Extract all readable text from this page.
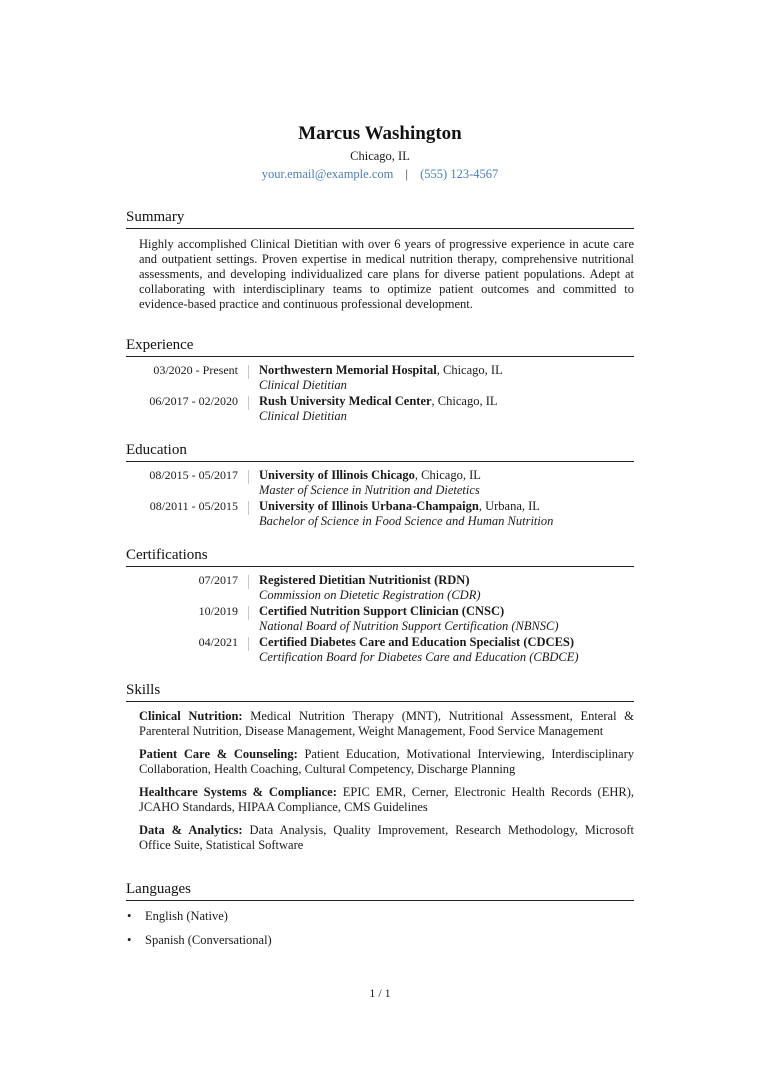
Marcus Washington
Chicago, IL
your.email@example.com | (555) 123-4567
Summary
Highly accomplished Clinical Dietitian with over 6 years of progressive experience in acute care and outpatient settings. Proven expertise in medical nutrition therapy, comprehensive nutritional assessments, and developing individualized care plans for diverse patient populations. Adept at collaborating with interdisciplinary teams to optimize patient outcomes and committed to evidence-based practice and continuous professional development.
Experience
03/2020 - Present Northwestern Memorial Hospital, Chicago, IL
Clinical Dietitian
06/2017 - 02/2020 Rush University Medical Center, Chicago, IL
Clinical Dietitian
Education
08/2015 - 05/2017 University of Illinois Chicago, Chicago, IL
Master of Science in Nutrition and Dietetics
08/2011 - 05/2015 University of Illinois Urbana-Champaign, Urbana, IL
Bachelor of Science in Food Science and Human Nutrition
Certifications
07/2017 Registered Dietitian Nutritionist (RDN)
Commission on Dietetic Registration (CDR)
10/2019 Certified Nutrition Support Clinician (CNSC)
National Board of Nutrition Support Certification (NBNSC)
04/2021 Certified Diabetes Care and Education Specialist (CDCES)
Certification Board for Diabetes Care and Education (CBDCE)
Skills
Clinical Nutrition: Medical Nutrition Therapy (MNT), Nutritional Assessment, Enteral & Parenteral Nutrition, Disease Management, Weight Management, Food Service Management
Patient Care & Counseling: Patient Education, Motivational Interviewing, Interdisciplinary Collaboration, Health Coaching, Cultural Competency, Discharge Planning
Healthcare Systems & Compliance: EPIC EMR, Cerner, Electronic Health Records (EHR), JCAHO Standards, HIPAA Compliance, CMS Guidelines
Data & Analytics: Data Analysis, Quality Improvement, Research Methodology, Microsoft Office Suite, Statistical Software
Languages
• English (Native)
• Spanish (Conversational)
1 / 1
